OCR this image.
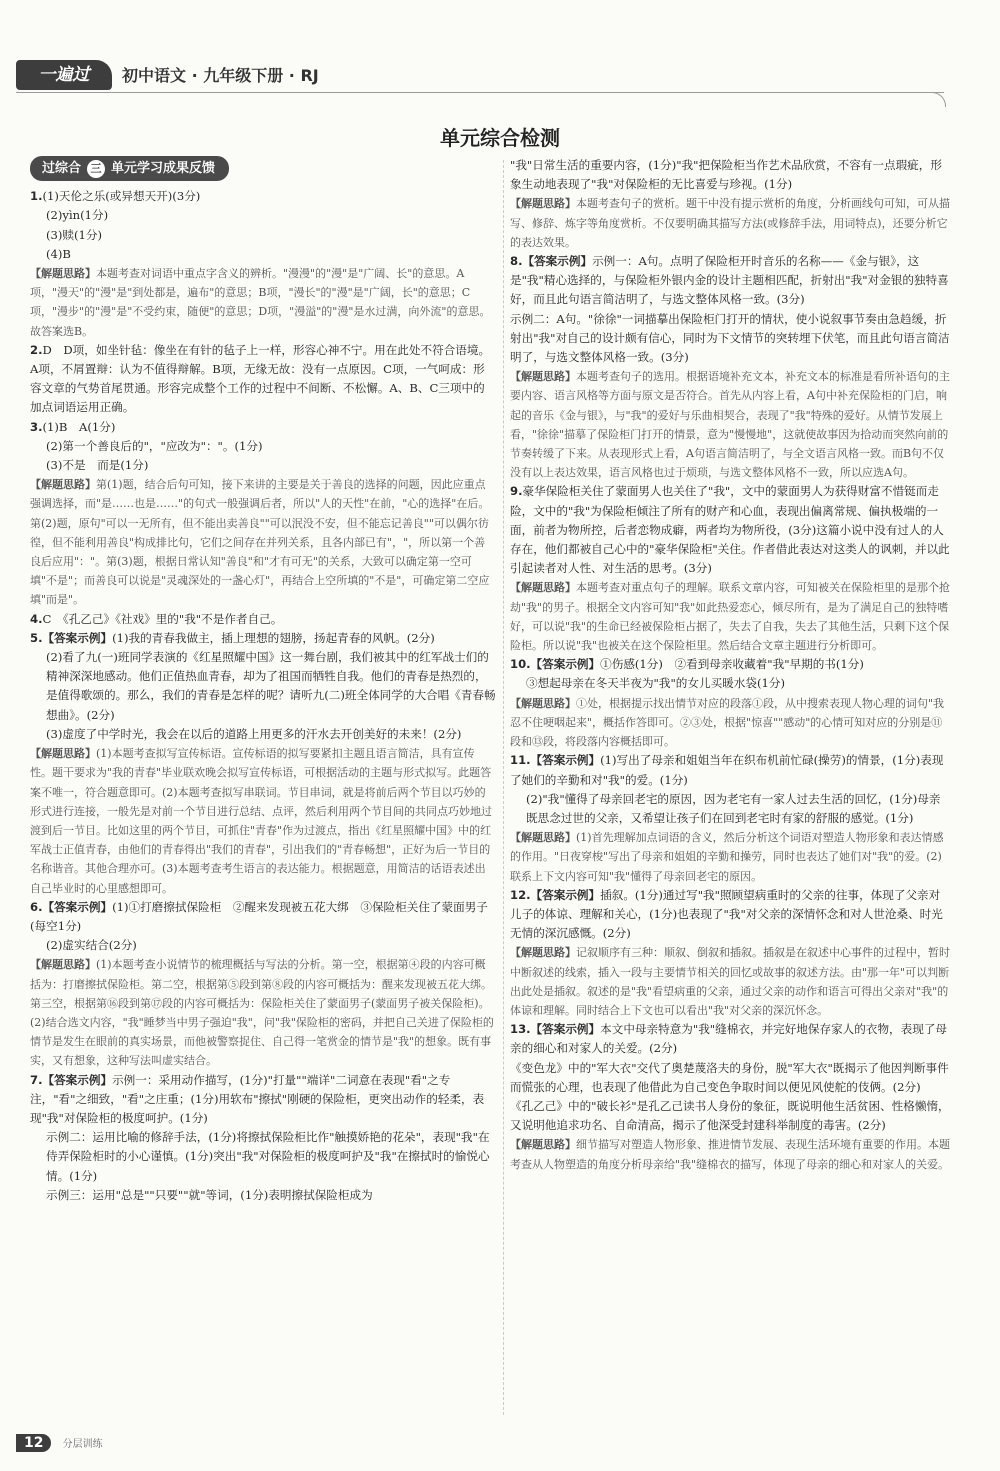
一遍过	初中语文 · 九年级下册 · RJ
单元综合检测
过综合 三 单元学习成果反馈

1.(1)天伦之乐(或异想天开)(3分)

(2)yìn(1分)

(3)赎(1分)

(4)B

【解题思路】本题考查对词语中重点字含义的辨析。"漫漫"的"漫"是"广阔、长"的意思。A项，"漫天"的"漫"是"到处都是，遍布"的意思；B项，"漫长"的"漫"是"广阔，长"的意思；C项，"漫步"的"漫"是"不受约束，随便"的意思；D项，"漫溢"的"漫"是水过满，向外流"的意思。故答案选B。

2.D　D项，如坐针毡：像坐在有针的毡子上一样，形容心神不宁。用在此处不符合语境。A项，不屑置辩：认为不值得辩解。B项，无缘无故：没有一点原因。C项，一气呵成：形容文章的气势首尾贯通。形容完成整个工作的过程中不间断、不松懈。A、B、C三项中的加点词语运用正确。

3.(1)B　A(1分)

(2)第一个善良后的"，"应改为"："。(1分)

(3)不是　而是(1分)

【解题思路】第(1)题，结合后句可知，接下来讲的主要是关于善良的选择的问题，因此应重点强调选择，而"是……也是……"的句式一般强调后者，所以"人的天性"在前，"心的选择"在后。第(2)题，原句"可以一无所有，但不能出卖善良""可以泯没不安，但不能忘记善良""可以偶尔彷徨，但不能利用善良"构成排比句，它们之间存在并列关系，且各内部已有"，"，所以第一个善良后应用"："。第(3)题，根据日常认知"善良"和"才有可无"的关系，大致可以确定第一空可填"不是"；而善良可以说是"灵魂深处的一盏心灯"，再结合上空所填的"不是"，可确定第二空应填"而是"。

4.C　《孔乙己》《社戏》里的"我"不是作者自己。

5.【答案示例】(1)我的青春我做主，插上理想的翅膀，扬起青春的风帆。(2分)

(2)看了九(一)班同学表演的《红星照耀中国》这一舞台剧，我们被其中的红军战士们的精神深深地感动。他们正值热血青春，却为了祖国而牺牲自我。他们的青春是热烈的，是值得歌颂的。那么，我们的青春是怎样的呢？请听九(二)班全体同学的大合唱《青春畅想曲》。(2分)

(3)虚度了中学时光，我会在以后的道路上用更多的汗水去开创美好的未来！(2分)

【解题思路】(1)本题考查拟写宣传标语。宣传标语的拟写要紧扣主题且语言简洁，具有宣传性。题干要求为"我的青春"毕业联欢晚会拟写宣传标语，可根据活动的主题与形式拟写。此题答案不唯一，符合题意即可。(2)本题考查拟写串联词。节目串词，就是将前后两个节目以巧妙的形式进行连接，一般先是对前一个节目进行总结、点评，然后利用两个节目间的共同点巧妙地过渡到后一节目。比如这里的两个节目，可抓住"青春"作为过渡点，指出《红星照耀中国》中的红军战士正值青春，由他们的青春得出"我们的青春"，引出我们的"青春畅想"，正好为后一节目的名称谐音。其他合理亦可。(3)本题考查考生语言的表达能力。根据题意，用简洁的话语表述出自己毕业时的心里感想即可。

6.【答案示例】(1)①打磨擦拭保险柜　②醒来发现被五花大绑　③保险柜关住了蒙面男子(每空1分)

(2)虚实结合(2分)

【解题思路】(1)本题考查小说情节的梳理概括与写法的分析。第一空，根据第④段的内容可概括为：打磨擦拭保险柜。第二空，根据第⑤段到第⑧段的内容可概括为：醒来发现被五花大绑。第三空，根据第⑯段到第⑰段的内容可概括为：保险柜关住了蒙面男子(蒙面男子被关保险柜)。(2)结合选文内容，"我"睡梦当中男子强迫"我"，问"我"保险柜的密码，并把自己关进了保险柜的情节是发生在眼前的真实场景，而他被警察捉住、自己得一笔赏金的情节是"我"的想象。既有事实，又有想象，这种写法叫虚实结合。

7.【答案示例】示例一：采用动作描写，(1分)"打量""端详"二词意在表现"看"之专注，"看"之细致，"看"之庄重；(1分)用软布"擦拭"刚硬的保险柜，更突出动作的轻柔，表现"我"对保险柜的极度呵护。(1分)

示例二：运用比喻的修辞手法，(1分)将擦拭保险柜比作"触摸娇艳的花朵"，表现"我"在侍弄保险柜时的小心谨慎。(1分)突出"我"对保险柜的极度呵护及"我"在擦拭时的愉悦心情。(1分)

示例三：运用"总是""只要""就"等词，(1分)表明擦拭保险柜成为

"我"日常生活的重要内容，(1分)"我"把保险柜当作艺术品欣赏，不容有一点瑕疵，形象生动地表现了"我"对保险柜的无比喜爱与珍视。(1分)

【解题思路】本题考查句子的赏析。题干中没有提示赏析的角度，分析画线句可知，可从描写、修辞、炼字等角度赏析。不仅要明确其描写方法(或修辞手法，用词特点)，还要分析它的表达效果。

8.【答案示例】示例一：A句。点明了保险柜开时音乐的名称——《金与银》，这是"我"精心选择的，与保险柜外银内金的设计主题相匹配，折射出"我"对金银的独特喜好，而且此句语言简洁明了，与选文整体风格一致。(3分)

示例二：A句。"徐徐"一词描摹出保险柜门打开的情状，使小说叙事节奏由急趋缓，折射出"我"对自己的设计颇有信心，同时为下文情节的突转埋下伏笔，而且此句语言简洁明了，与选文整体风格一致。(3分)

【解题思路】本题考查句子的选用。根据语境补充文本，补充文本的标准是看所补语句的主要内容、语言风格等方面与原文是否符合。首先从内容上看，A句中补充保险柜的门启，响起的音乐《金与银》，与"我"的爱好与乐曲相契合，表现了"我"特殊的爱好。从情节发展上看，"徐徐"描摹了保险柜门打开的情景，意为"慢慢地"，这就使故事因为拾动而突然向前的节奏转缓了下来。从表现形式上看，A句语言简洁明了，与全文语言风格一致。而B句不仅没有以上表达效果，语言风格也过于烦琐，与选文整体风格不一致，所以应选A句。

9.豪华保险柜关住了蒙面男人也关住了"我"，文中的蒙面男人为获得财富不惜铤而走险，文中的"我"为保险柜倾注了所有的财产和心血，表现出偏离常规、偏执极端的一面，前者为物所控，后者恋物成癖，两者均为物所役，(3分)这篇小说中没有过人的人存在，他们都被自己心中的"豪华保险柜"关住。作者借此表达对这类人的讽刺，并以此引起读者对人性、对生活的思考。(3分)

【解题思路】本题考查对重点句子的理解。联系文章内容，可知被关在保险柜里的是那个抢劫"我"的男子。根据全文内容可知"我"如此热爱恋心，倾尽所有，是为了满足自己的独特嗜好，可以说"我"的生命已经被保险柜占据了，失去了自我，失去了其他生活，只剩下这个保险柜。所以说"我"也被关在这个保险柜里。然后结合文章主题进行分析即可。

10.【答案示例】①伤感(1分)　②看到母亲收藏着"我"早期的书(1分)

③想起母亲在冬天半夜为"我"的女儿买暖水袋(1分)

【解题思路】①处，根据提示找出情节对应的段落①段，从中搜索表现人物心理的词句"我忍不住哽咽起来"，概括作答即可。②③处，根据"惊喜""感动"的心情可知对应的分别是⑪段和⑬段，将段落内容概括即可。

11.【答案示例】(1)写出了母亲和姐姐当年在织布机前忙碌(操劳)的情景，(1分)表现了她们的辛勤和对"我"的爱。(1分)

(2)"我"懂得了母亲回老宅的原因，因为老宅有一家人过去生活的回忆，(1分)母亲既思念过世的父亲，又希望让孩子们在回到老宅时有家的舒服的感觉。(1分)

【解题思路】(1)首先理解加点词语的含义，然后分析这个词语对塑造人物形象和表达情感的作用。"日夜穿梭"写出了母亲和姐姐的辛勤和操劳，同时也表达了她们对"我"的爱。(2)联系上下文内容可知"我"懂得了母亲回老宅的原因。

12.【答案示例】插叙。(1分)通过写"我"照顾望病重时的父亲的往事，体现了父亲对儿子的体谅、理解和关心，(1分)也表现了"我"对父亲的深情怀念和对人世沧桑、时光无情的深沉感慨。(2分)

【解题思路】记叙顺序有三种：顺叙、倒叙和插叙。插叙是在叙述中心事件的过程中，暂时中断叙述的线索，插入一段与主要情节相关的回忆或故事的叙述方法。由"那一年"可以判断出此处是插叙。叙述的是"我"看望病重的父亲，通过父亲的动作和语言可得出父亲对"我"的体谅和理解。同时结合上下文也可以看出"我"对父亲的深沉怀念。

13.【答案示例】本文中母亲特意为"我"缝棉衣，并完好地保存家人的衣物，表现了母亲的细心和对家人的关爱。(2分)

《变色龙》中的"军大衣"交代了奥楚蔑洛夫的身份，脱"军大衣"既揭示了他因判断事件而慌张的心理，也表现了他借此为自己变色争取时间以便见风使舵的伎俩。(2分)

《孔乙己》中的"破长衫"是孔乙己读书人身份的象征，既说明他生活贫困、性格懒惰，又说明他追求功名、自命清高，揭示了他深受封建科举制度的毒害。(2分)

【解题思路】细节描写对塑造人物形象、推进情节发展、表现生活环境有重要的作用。本题考查从人物塑造的角度分析母亲给"我"缝棉衣的描写，体现了母亲的细心和对家人的关爱。

12 分层训练
